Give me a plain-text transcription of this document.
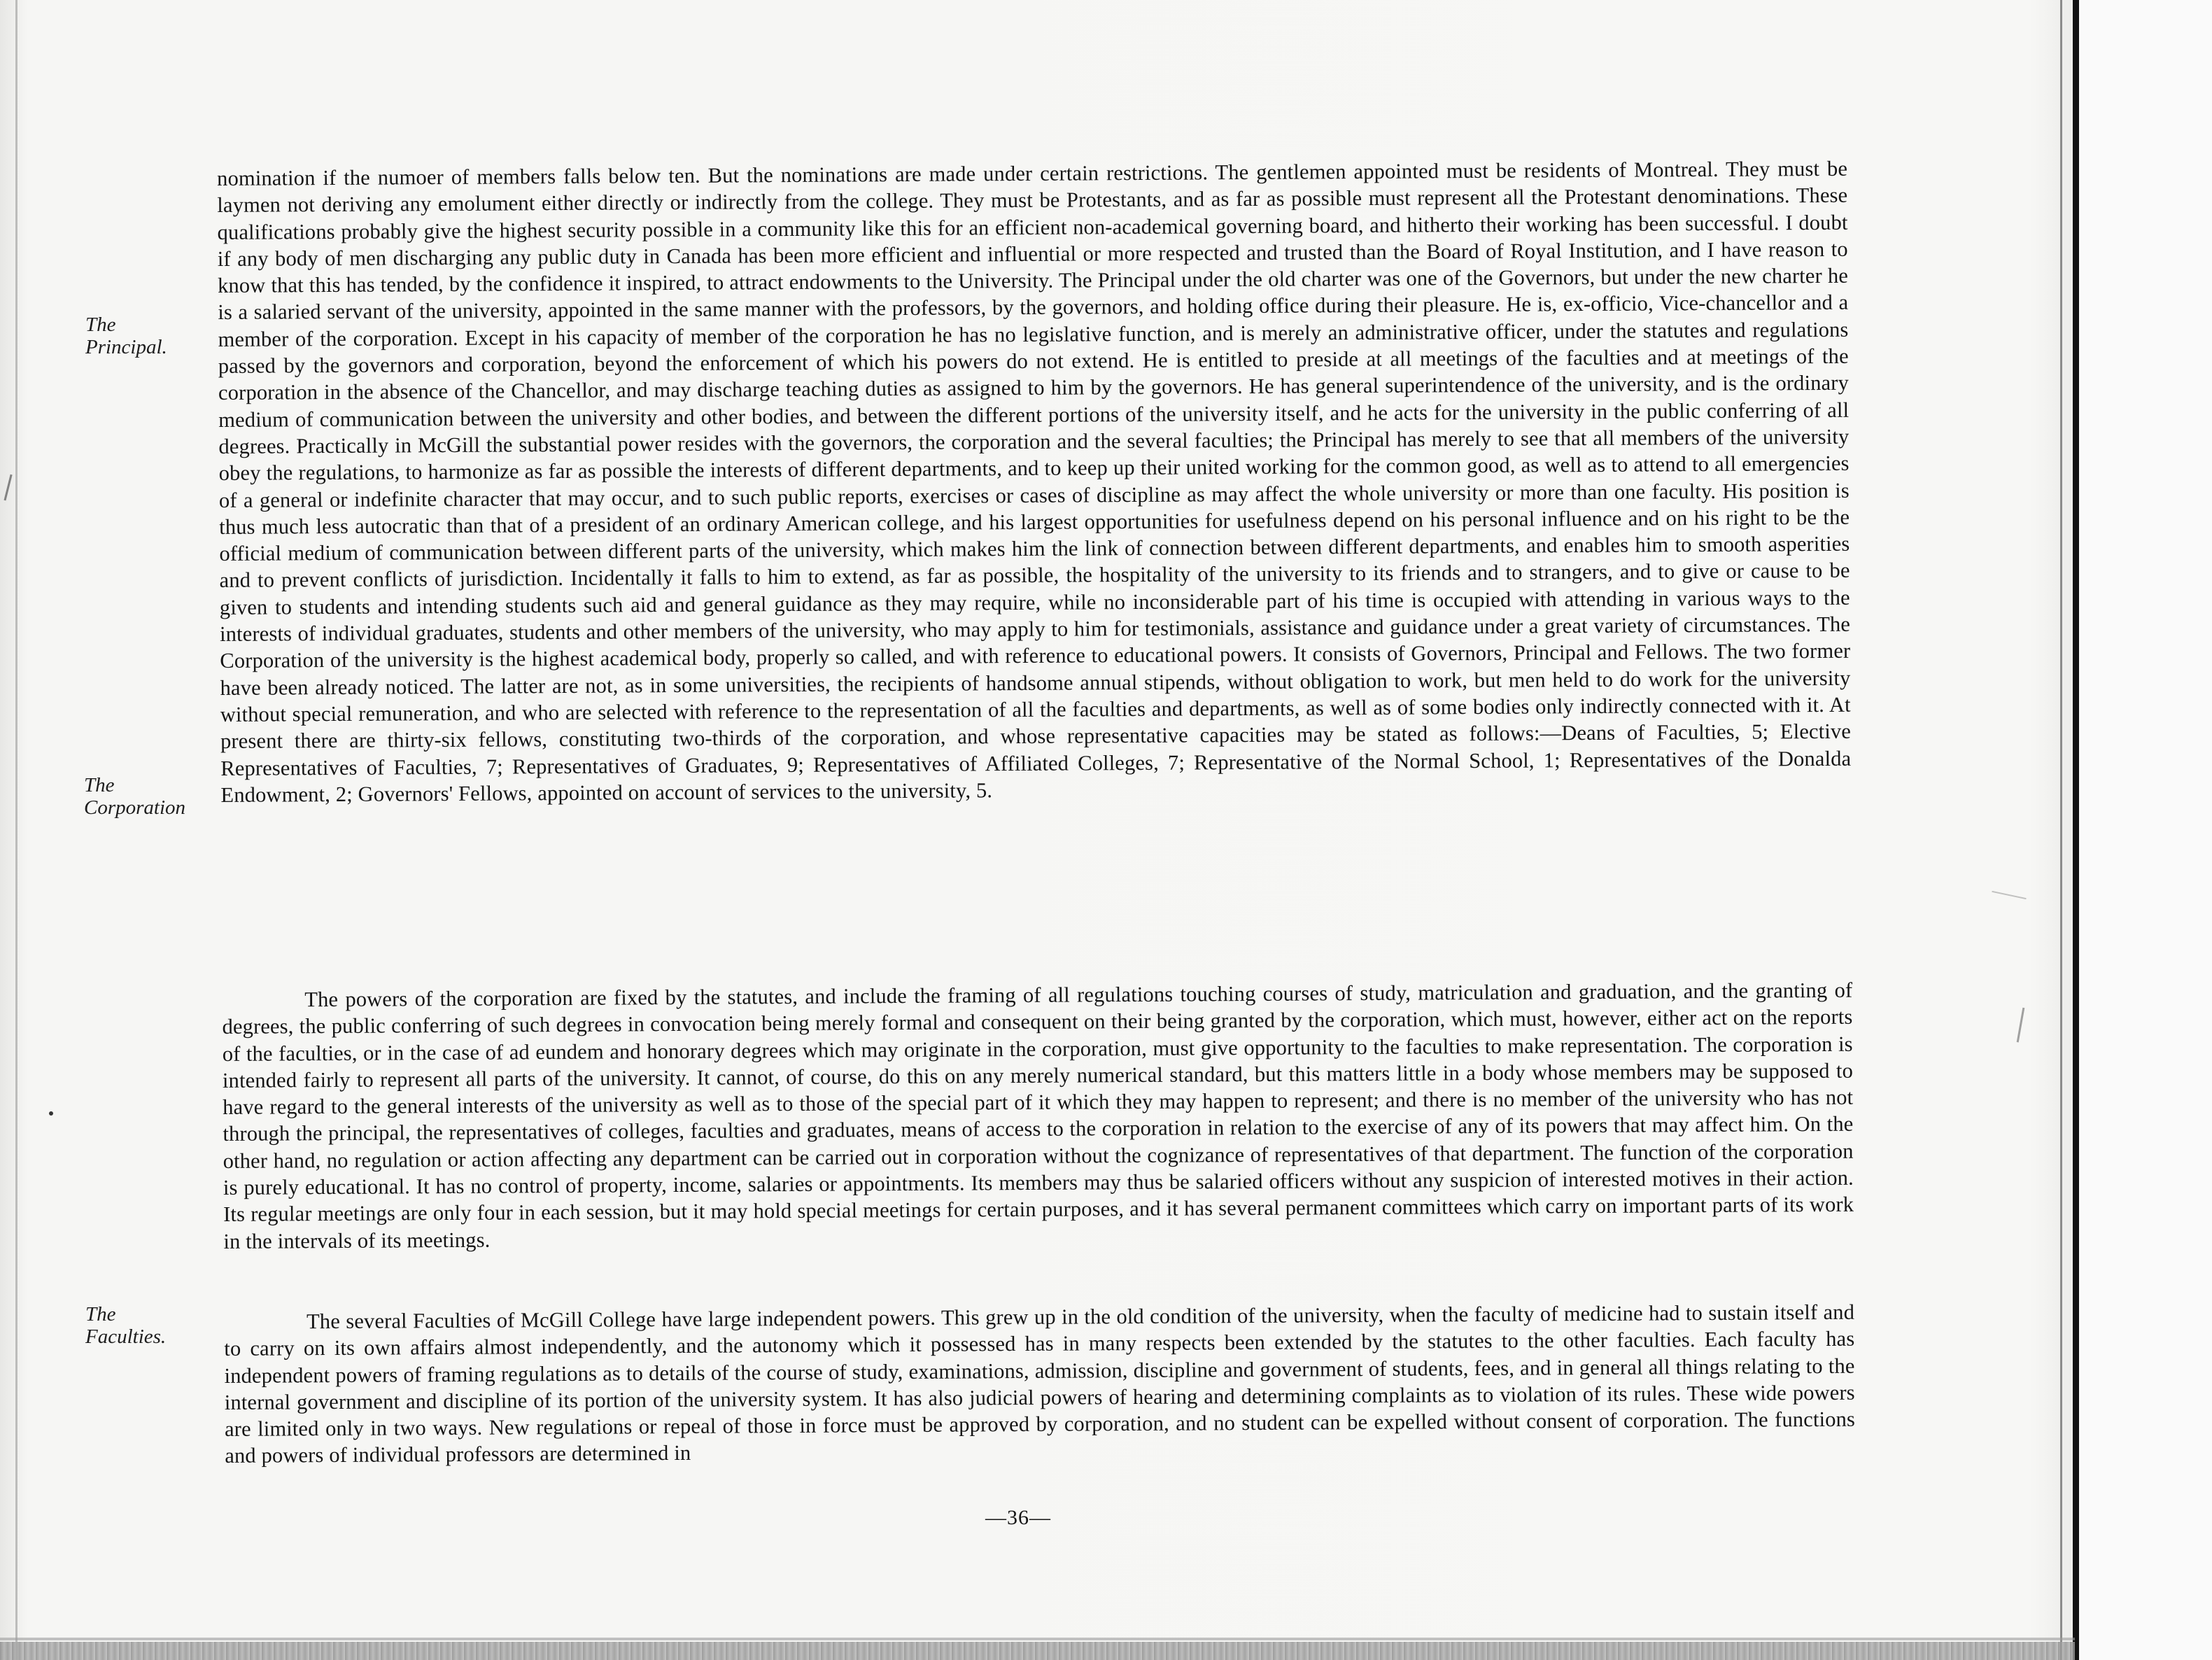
nomination if the numoer of members falls below ten. But the nominations are made under certain restrictions. The gentlemen appointed must be residents of Montreal. They must be laymen not deriving any emolument either directly or indirectly from the college. They must be Protestants, and as far as possible must represent all the Protestant denominations. These qualifications probably give the highest security possible in a community like this for an efficient non-academical governing board, and hitherto their working has been successful. I doubt if any body of men discharging any public duty in Canada has been more efficient and influential or more respected and trusted than the Board of Royal Institution, and I have reason to know that this has tended, by the confidence it inspired, to attract endowments to the University. The Principal under the old charter was one of the Governors, but under the new charter he is a salaried servant of the university, appointed in the same manner with the professors, by the governors, and holding office during their pleasure. He is, ex-officio, Vice-chancellor and a member of the corporation. Except in his capacity of member of the corporation he has no legislative function, and is merely an administrative officer, under the statutes and regulations passed by the governors and corporation, beyond the enforcement of which his powers do not extend. He is entitled to preside at all meetings of the faculties and at meetings of the corporation in the absence of the Chancellor, and may discharge teaching duties as assigned to him by the governors. He has general superintendence of the university, and is the ordinary medium of communication between the university and other bodies, and between the different portions of the university itself, and he acts for the university in the public conferring of all degrees. Practically in McGill the substantial power resides with the governors, the corporation and the several faculties; the Principal has merely to see that all members of the university obey the regulations, to harmonize as far as possible the interests of different departments, and to keep up their united working for the common good, as well as to attend to all emergencies of a general or indefinite character that may occur, and to such public reports, exercises or cases of discipline as may affect the whole university or more than one faculty. His position is thus much less autocratic than that of a president of an ordinary American college, and his largest opportunities for usefulness depend on his personal influence and on his right to be the official medium of communication between different parts of the university, which makes him the link of connection between different departments, and enables him to smooth asperities and to prevent conflicts of jurisdiction. Incidentally it falls to him to extend, as far as possible, the hospitality of the university to its friends and to strangers, and to give or cause to be given to students and intending students such aid and general guidance as they may require, while no inconsiderable part of his time is occupied with attending in various ways to the interests of individual graduates, students and other members of the university, who may apply to him for testimonials, assistance and guidance under a great variety of circumstances. The Corporation of the university is the highest academical body, properly so called, and with reference to educational powers. It consists of Governors, Principal and Fellows. The two former have been already noticed. The latter are not, as in some universities, the recipients of handsome annual stipends, without obligation to work, but men held to do work for the university without special remuneration, and who are selected with reference to the representation of all the faculties and departments, as well as of some bodies only indirectly connected with it. At present there are thirty-six fellows, constituting two-thirds of the corporation, and whose representative capacities may be stated as follows:—Deans of Faculties, 5; Elective Representatives of Faculties, 7; Representatives of Graduates, 9; Representatives of Affiliated Colleges, 7; Representative of the Normal School, 1; Representatives of the Donalda Endowment, 2; Governors' Fellows, appointed on account of services to the university, 5.

The powers of the corporation are fixed by the statutes, and include the framing of all regulations touching courses of study, matriculation and graduation, and the granting of degrees, the public conferring of such degrees in convocation being merely formal and consequent on their being granted by the corporation, which must, however, either act on the reports of the faculties, or in the case of ad eundem and honorary degrees which may originate in the corporation, must give opportunity to the faculties to make representation. The corporation is intended fairly to represent all parts of the university. It cannot, of course, do this on any merely numerical standard, but this matters little in a body whose members may be supposed to have regard to the general interests of the university as well as to those of the special part of it which they may happen to represent; and there is no member of the university who has not through the principal, the representatives of colleges, faculties and graduates, means of access to the corporation in relation to the exercise of any of its powers that may affect him. On the other hand, no regulation or action affecting any department can be carried out in corporation without the cognizance of representatives of that department. The function of the corporation is purely educational. It has no control of property, income, salaries or appointments. Its members may thus be salaried officers without any suspicion of interested motives in their action. Its regular meetings are only four in each session, but it may hold special meetings for certain purposes, and it has several permanent committees which carry on important parts of its work in the intervals of its meetings.

The several Faculties of McGill College have large independent powers. This grew up in the old condition of the university, when the faculty of medicine had to sustain itself and to carry on its own affairs almost independently, and the autonomy which it possessed has in many respects been extended by the statutes to the other faculties. Each faculty has independent powers of framing regulations as to details of the course of study, examinations, admission, discipline and government of students, fees, and in general all things relating to the internal government and discipline of its portion of the university system. It has also judicial powers of hearing and determining complaints as to violation of its rules. These wide powers are limited only in two ways. New regulations or repeal of those in force must be approved by corporation, and no student can be expelled without consent of corporation. The functions and powers of individual professors are determined in

The
Principal.
The
Corporation
The
Faculties.
—36—
